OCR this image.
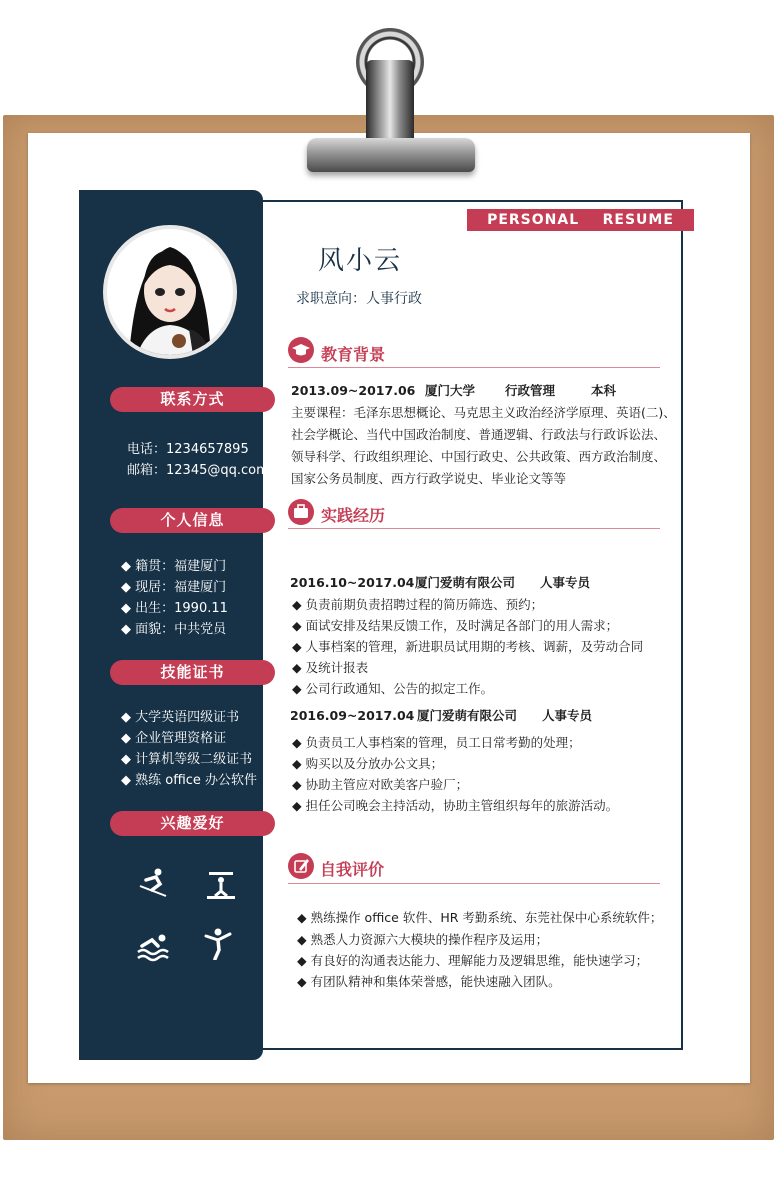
联系方式
电话：1234657895
邮箱：12345@qq.com
个人信息
◆ 籍贯：福建厦门
◆ 现居：福建厦门
◆ 出生：1990.11
◆ 面貌：中共党员
技能证书
◆ 大学英语四级证书
◆ 企业管理资格证
◆ 计算机等级二级证书
◆ 熟练 office 办公软件
兴趣爱好
PERSONAL    RESUME
风小云
求职意向：人事行政
教育背景
2013.09~2017.06 厦门大学 行政管理	本科
主要课程：毛泽东思想概论、马克思主义政治经济学原理、英语(二)、
社会学概论、当代中国政治制度、普通逻辑、行政法与行政诉讼法、
领导科学、行政组织理论、中国行政史、公共政策、西方政治制度、
国家公务员制度、西方行政学说史、毕业论文等等
实践经历
2016.10~2017.04厦门爱萌有限公司 人事专员
◆ 负责前期负责招聘过程的简历筛选、预约；
◆ 面试安排及结果反馈工作，及时满足各部门的用人需求；
◆ 人事档案的管理，新进职员试用期的考核、调薪，及劳动合同
◆ 及统计报表
◆ 公司行政通知、公告的拟定工作。
2016.09~2017.04 厦门爱萌有限公司 人事专员
◆ 负责员工人事档案的管理，员工日常考勤的处理；
◆ 购买以及分放办公文具；
◆ 协助主管应对欧美客户验厂；
◆ 担任公司晚会主持活动，协助主管组织每年的旅游活动。
自我评价
◆ 熟练操作 office 软件、HR 考勤系统、东莞社保中心系统软件；
◆ 熟悉人力资源六大模块的操作程序及运用；
◆ 有良好的沟通表达能力、理解能力及逻辑思维，能快速学习；
◆ 有团队精神和集体荣誉感，能快速融入团队。
